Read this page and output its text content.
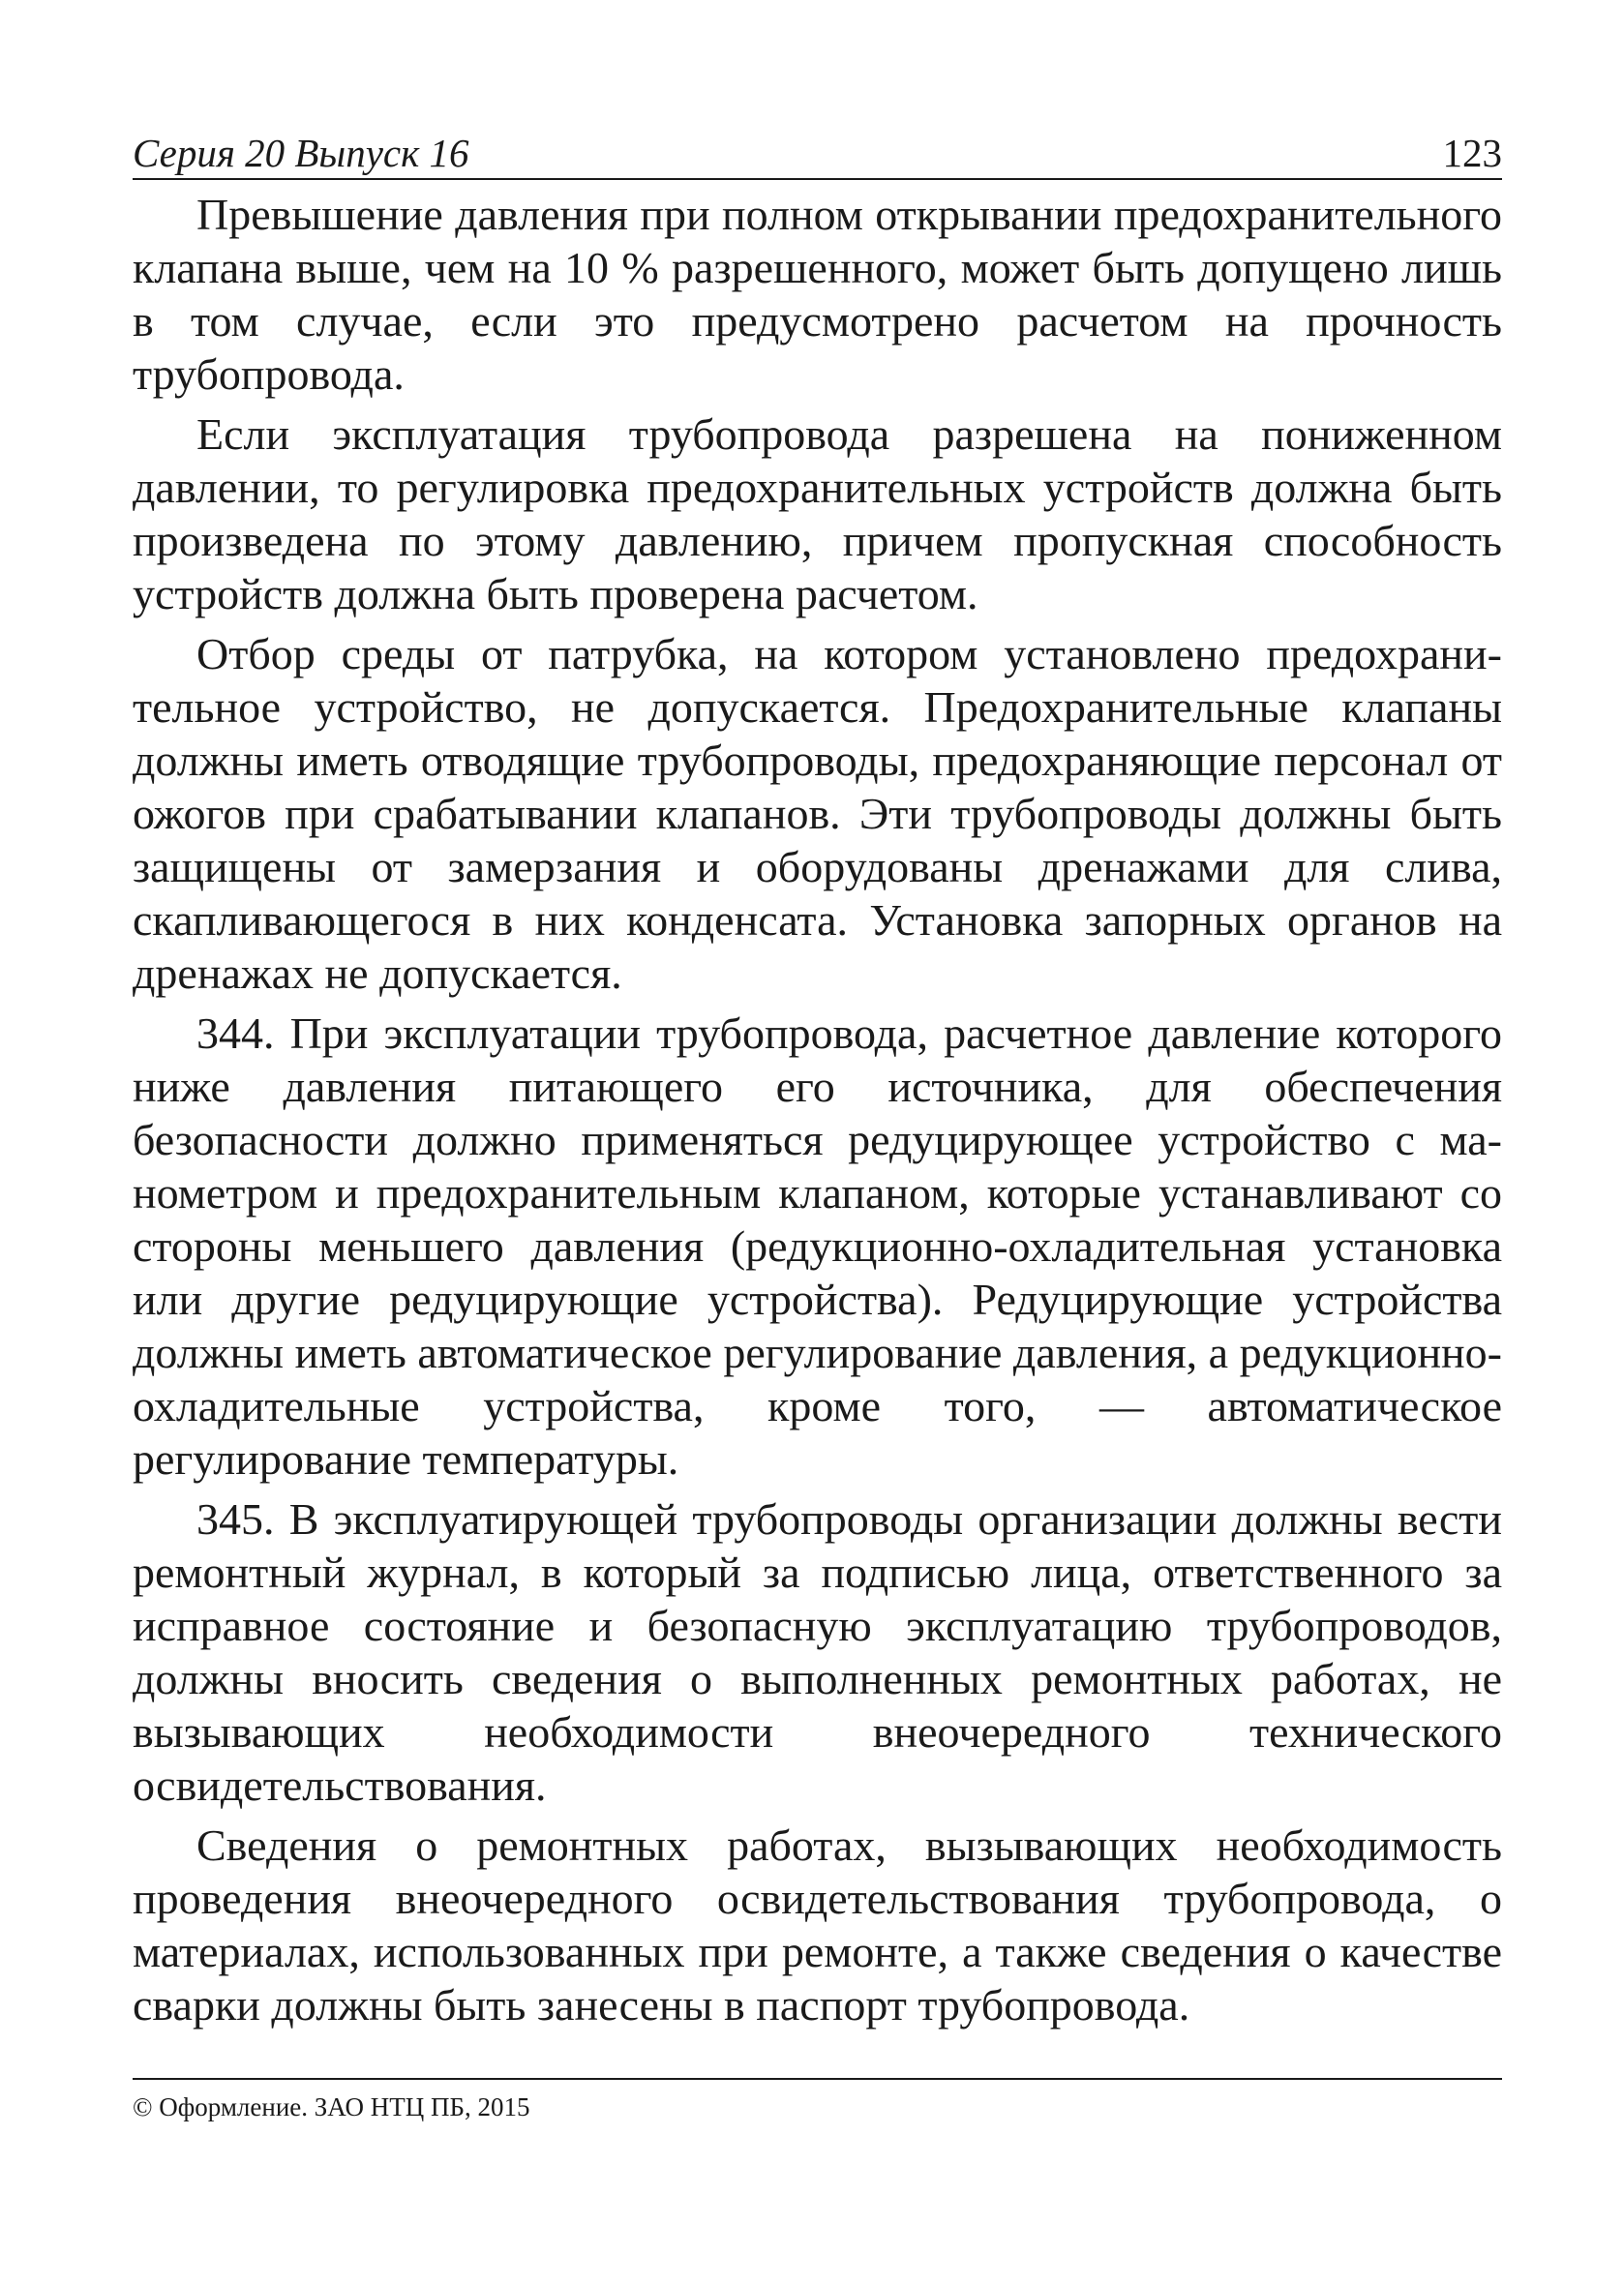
Серия 20 Выпуск 16	123

Превышение давления при полном открывании предохранительного клапана выше, чем на 10 % разрешенного, может быть допущено лишь в том случае, если это предусмотрено расчетом на прочность трубопровода.

Если эксплуатация трубопровода разрешена на пониженном давлении, то регулировка предохранительных устройств должна быть произведена по этому давлению, причем пропускная способность устройств должна быть проверена расчетом.

Отбор среды от патрубка, на котором установлено предохранительное устройство, не допускается. Предохранительные клапаны должны иметь отводящие трубопроводы, предохраняющие персонал от ожогов при срабатывании клапанов. Эти трубопроводы должны быть защищены от замерзания и оборудованы дренажами для слива, скапливающегося в них конденсата. Установка запорных органов на дренажах не допускается.

344. При эксплуатации трубопровода, расчетное давление которого ниже давления питающего его источника, для обеспечения безопасности должно применяться редуцирующее устройство с манометром и предохранительным клапаном, которые устанавливают со стороны меньшего давления (редукционно-охладительная установка или другие редуцирующие устройства). Редуцирующие устройства должны иметь автоматическое регулирование давления, а редукционно-охладительные устройства, кроме того, — автоматическое регулирование температуры.

345. В эксплуатирующей трубопроводы организации должны вести ремонтный журнал, в который за подписью лица, ответственного за исправное состояние и безопасную эксплуатацию трубопроводов, должны вносить сведения о выполненных ремонтных работах, не вызывающих необходимости внеочередного технического освидетельствования.

Сведения о ремонтных работах, вызывающих необходимость проведения внеочередного освидетельствования трубопровода, о материалах, использованных при ремонте, а также сведения о качестве сварки должны быть занесены в паспорт трубопровода.

© Оформление. ЗАО НТЦ ПБ, 2015
